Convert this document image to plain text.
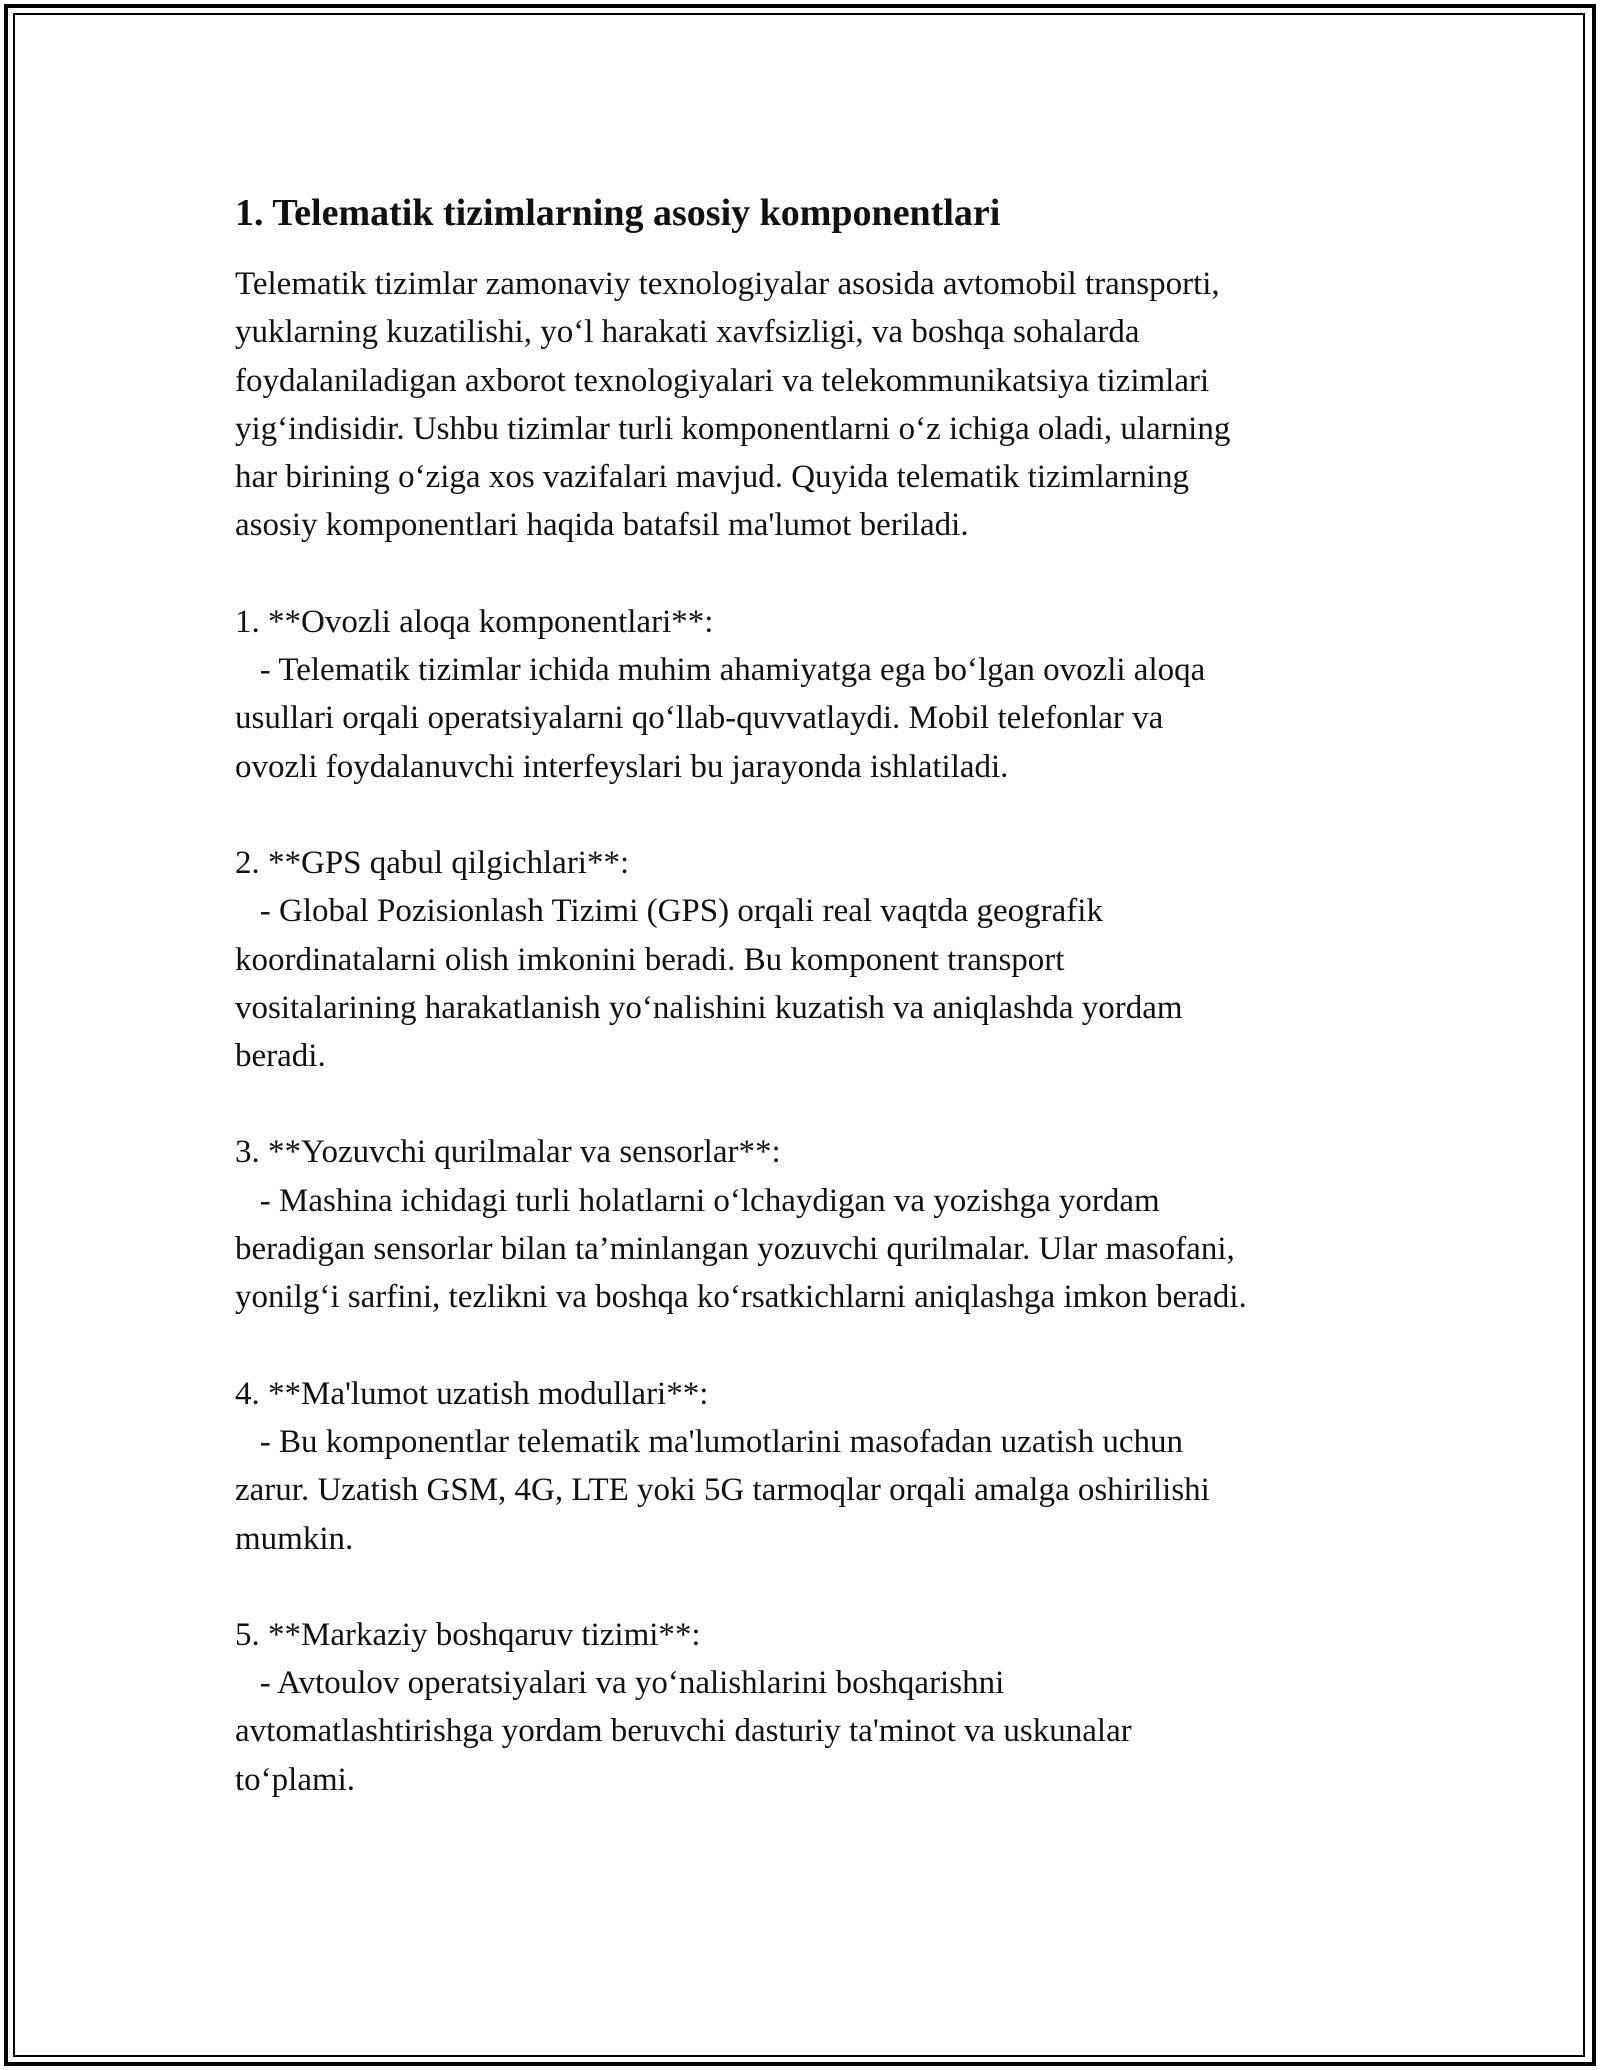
1. Telematik tizimlarning asosiy komponentlari

Telematik tizimlar zamonaviy texnologiyalar asosida avtomobil transporti,
yuklarning kuzatilishi, yo‘l harakati xavfsizligi, va boshqa sohalarda
foydalaniladigan axborot texnologiyalari va telekommunikatsiya tizimlari
yig‘indisidir. Ushbu tizimlar turli komponentlarni o‘z ichiga oladi, ularning
har birining o‘ziga xos vazifalari mavjud. Quyida telematik tizimlarning
asosiy komponentlari haqida batafsil ma'lumot beriladi.

1. **Ovozli aloqa komponentlari**:

- Telematik tizimlar ichida muhim ahamiyatga ega bo‘lgan ovozli aloqa
usullari orqali operatsiyalarni qo‘llab-quvvatlaydi. Mobil telefonlar va
ovozli foydalanuvchi interfeyslari bu jarayonda ishlatiladi.

2. **GPS qabul qilgichlari**:

- Global Pozisionlash Tizimi (GPS) orqali real vaqtda geografik
koordinatalarni olish imkonini beradi. Bu komponent transport
vositalarining harakatlanish yo‘nalishini kuzatish va aniqlashda yordam
beradi.

3. **Yozuvchi qurilmalar va sensorlar**:

- Mashina ichidagi turli holatlarni o‘lchaydigan va yozishga yordam
beradigan sensorlar bilan ta’minlangan yozuvchi qurilmalar. Ular masofani,
yonilg‘i sarfini, tezlikni va boshqa ko‘rsatkichlarni aniqlashga imkon beradi.

4. **Ma'lumot uzatish modullari**:

- Bu komponentlar telematik ma'lumotlarini masofadan uzatish uchun
zarur. Uzatish GSM, 4G, LTE yoki 5G tarmoqlar orqali amalga oshirilishi
mumkin.

5. **Markaziy boshqaruv tizimi**:

- Avtoulov operatsiyalari va yo‘nalishlarini boshqarishni
avtomatlashtirishga yordam beruvchi dasturiy ta'minot va uskunalar
to‘plami.
